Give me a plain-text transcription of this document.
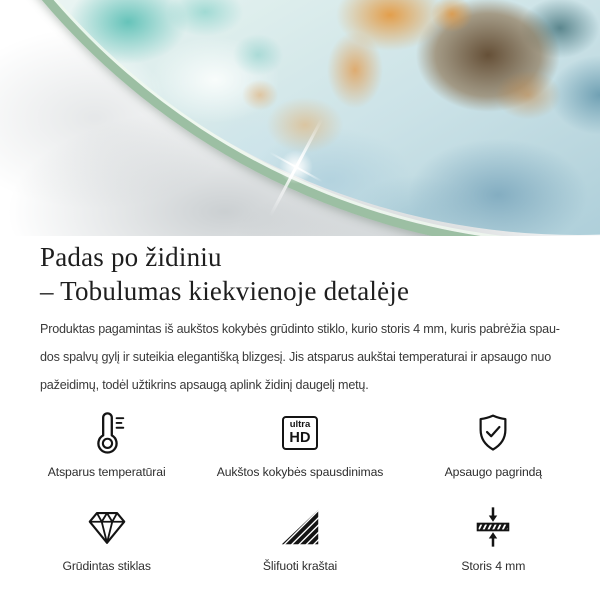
Padas po židiniu
– Tobulumas kiekvienoje detalėje

Produktas pagamintas iš aukštos kokybės grūdinto stiklo, kurio storis 4 mm, kuris pabrėžia spau-
dos spalvų gylį ir suteikia elegantišką blizgesį. Jis atsparus aukštai temperaturai ir apsaugo nuo
pažeidimų, todėl užtikrins apsaugą aplink židinį daugelį metų.

Atsparus temperatūrai
ultra
HD
Aukštos kokybės spausdinimas	Apsaugo pagrindą
Grūdintas stiklas	Šlifuoti kraštai	Storis 4 mm
